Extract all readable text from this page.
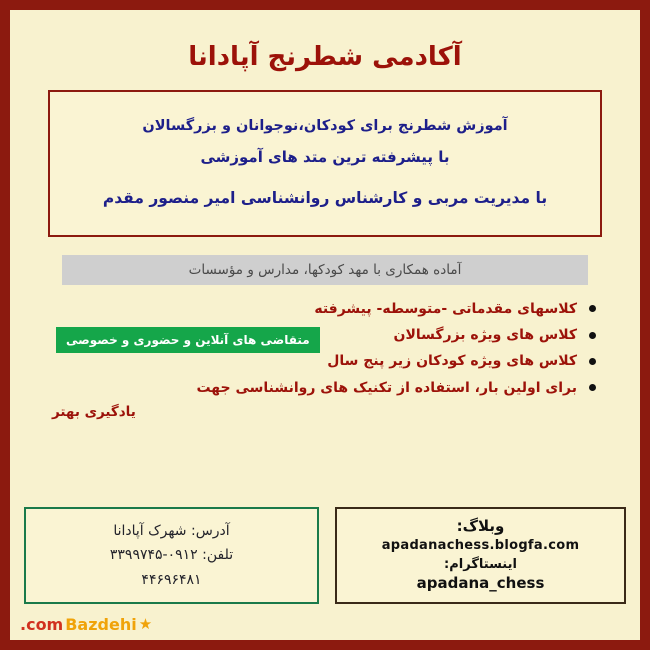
آکادمی شطرنج آپادانا
آموزش شطرنج برای کودکان،نوجوانان و بزرگسالان
با پیشرفته ترین متد های آموزشی
با مدیریت مربی و کارشناس روانشناسی امیر منصور مقدم
آماده همکاری با مهد کودکها، مدارس و مؤسسات
کلاسهای مقدماتی -متوسطه- پیشرفته
کلاس های ویژه بزرگسالان
کلاس های ویژه کودکان زیر پنج سال
برای اولین بار، استفاده از تکنیک های روانشناسی جهت
یادگیری بهتر
متقاضی های آنلاین و حضوری و خصوصی
وبلاگ:
apadanachess.blogfa.com
اینستاگرام:
apadana_chess
آدرس: شهرک آپادانا
تلفن: ۰۹۱۲-۳۳۹۹۷۴۵
۴۴۶۹۶۴۸۱
★
Bazdehi
.com
